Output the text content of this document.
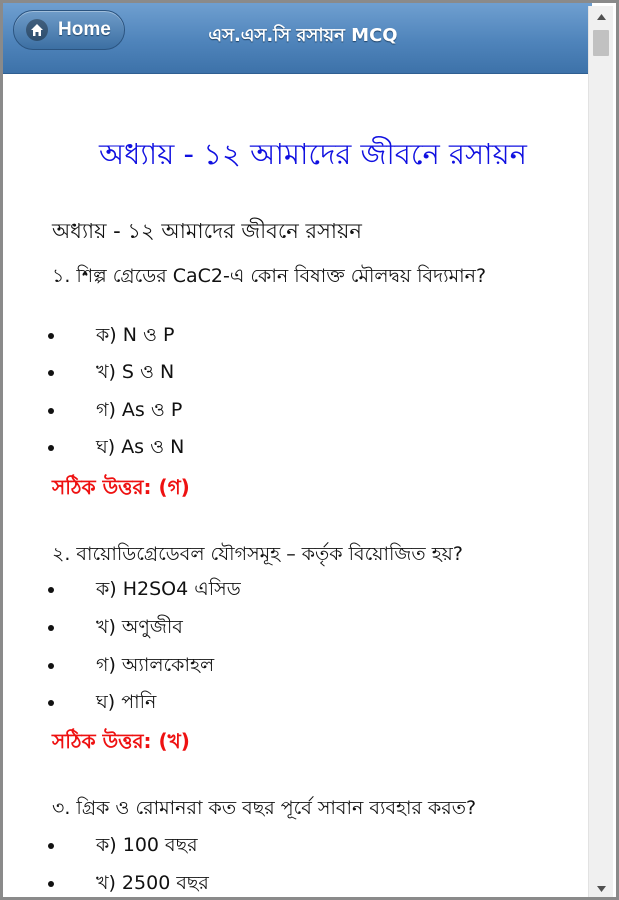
Home	এস.এস.সি রসায়ন MCQ
অধ্যায় - ১২ আমাদের জীবনে রসায়ন
অধ্যায় - ১২ আমাদের জীবনে রসায়ন
১. শিল্প গ্রেডের CaC2-এ কোন বিষাক্ত মৌলদ্বয় বিদ্যমান?
ক) N ও P
খ) S ও N
গ) As ও P
ঘ) As ও N
সঠিক উত্তর: (গ)
২. বায়োডিগ্রেডেবল যৌগসমূহ – কর্তৃক বিয়োজিত হয়?
ক) H2SO4 এসিড
খ) অণুজীব
গ) অ্যালকোহল
ঘ) পানি
সঠিক উত্তর: (খ)
৩. গ্রিক ও রোমানরা কত বছর পূর্বে সাবান ব্যবহার করত?
ক) 100 বছর
খ) 2500 বছর
